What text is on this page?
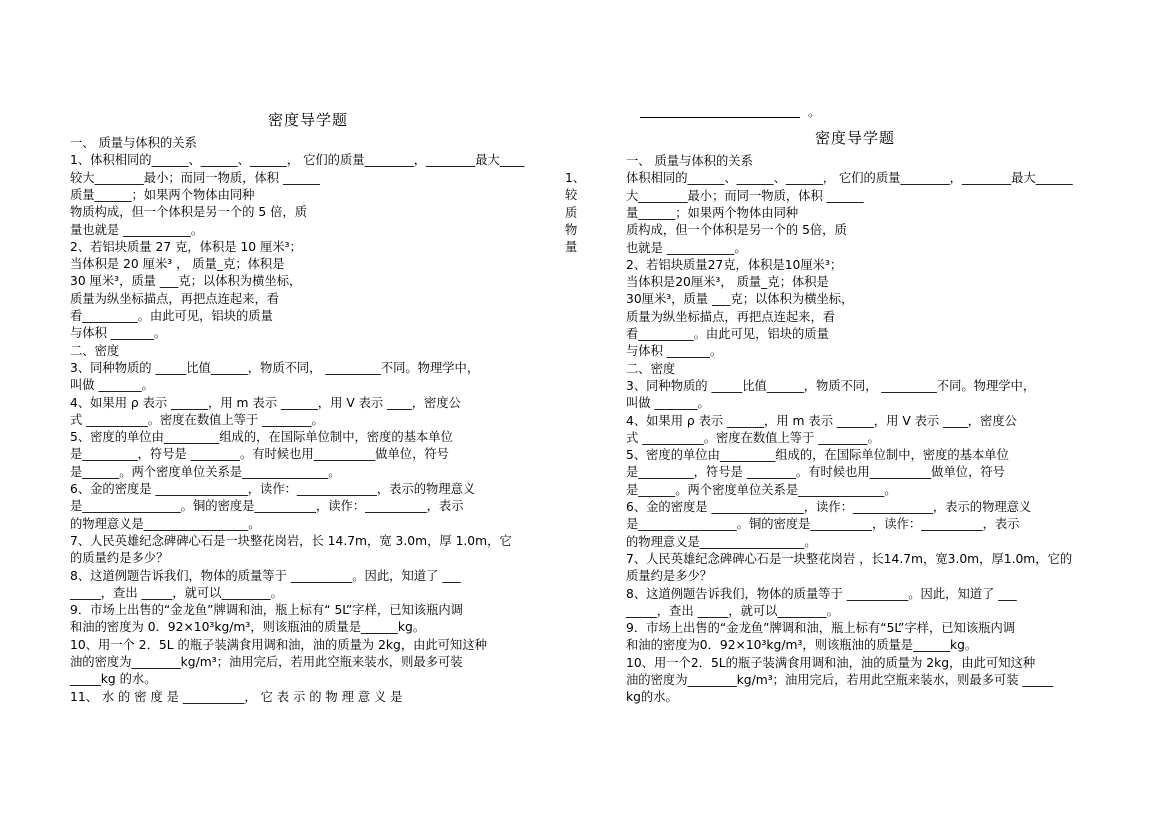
密度导学题
一、 质量与体积的关系
1、体积相同的______、______、______， 它们的质量________，________最大____
较大________最小；而同一物质，体积 ______
质量______；如果两个物体由同种
物质构成，但一个体积是另一个的 5 倍，质
量也就是 ___________。
2、若铝块质量 27 克，体积是 10 厘米³；
当体积是 20 厘米³ ， 质量_克；体积是
30 厘米³，质量 ___克；以体积为横坐标，
质量为纵坐标描点，再把点连起来，看
看_________。由此可见，铝块的质量
与体积 _______。
二、密度
3、同种物质的 _____比值______，物质不同， _________不同。物理学中，
叫做 _______。
4、如果用 ρ 表示 ______，用 m 表示 ______，用 V 表示 ____，密度公
式 __________。密度在数值上等于 ________。
5、密度的单位由_________组成的，在国际单位制中，密度的基本单位
是_________，符号是 ________。有时候也用__________做单位，符号
是______。两个密度单位关系是______________。
6、金的密度是 _______________，读作：_____________，表示的物理意义
是________________。铜的密度是__________，读作：__________，表示
的物理意义是_________________。
7、人民英雄纪念碑碑心石是一块整花岗岩，长 14.7m，宽 3.0m，厚 1.0m，它
的质量约是多少？
8、这道例题告诉我们，物体的质量等于 __________。因此，知道了 ___
_____，查出 _____，就可以________。
9．市场上出售的“金龙鱼”牌调和油，瓶上标有“ 5L”字样，已知该瓶内调
和油的密度为 0．92×10³kg/m³，则该瓶油的质量是______kg。
10、用一个 2．5L 的瓶子装满食用调和油，油的质量为 2kg，由此可知这种
油的密度为________kg/m³；油用完后，若用此空瓶来装水，则最多可装
_____kg 的水。
11、 水 的 密 度 是 __________， 它 表 示 的 物 理 意 义 是
1、
较
质
物
量
。
密度导学题
一、 质量与体积的关系
体积相同的______、______、______， 它们的质量________，________最大______
大________最小；而同一物质，体积 ______
量______；如果两个物体由同种
质构成，但一个体积是另一个的 5倍，质
也就是 ___________。
2、若铝块质量27克，体积是10厘米³；
当体积是20厘米³， 质量_克；体积是
30厘米³，质量 ___克；以体积为横坐标，
质量为纵坐标描点，再把点连起来，看
看_________。由此可见，铝块的质量
与体积 _______。
二、密度
3、同种物质的 _____比值______，物质不同， _________不同。物理学中，
叫做 _______。
4、如果用 ρ 表示 ______，用 m 表示 ______，用 V 表示 ____，密度公
式 __________。密度在数值上等于 ________。
5、密度的单位由_________组成的，在国际单位制中，密度的基本单位
是_________，符号是 ________。有时候也用__________做单位，符号
是______。两个密度单位关系是______________。
6、金的密度是 _______________，读作：_____________，表示的物理意义
是________________。铜的密度是__________，读作：__________，表示
的物理意义是_________________。
7、人民英雄纪念碑碑心石是一块整花岗岩 ，长14.7m，宽3.0m，厚1.0m，它的
质量约是多少？
8、这道例题告诉我们，物体的质量等于 __________。因此，知道了 ___
_____，查出 _____，就可以________。
9．市场上出售的“金龙鱼”牌调和油，瓶上标有“5L”字样，已知该瓶内调
和油的密度为0．92×10³kg/m³，则该瓶油的质量是______kg。
10、用一个2．5L的瓶子装满食用调和油，油的质量为 2kg，由此可知这种
油的密度为________kg/m³；油用完后，若用此空瓶来装水，则最多可装 _____
kg的水。
